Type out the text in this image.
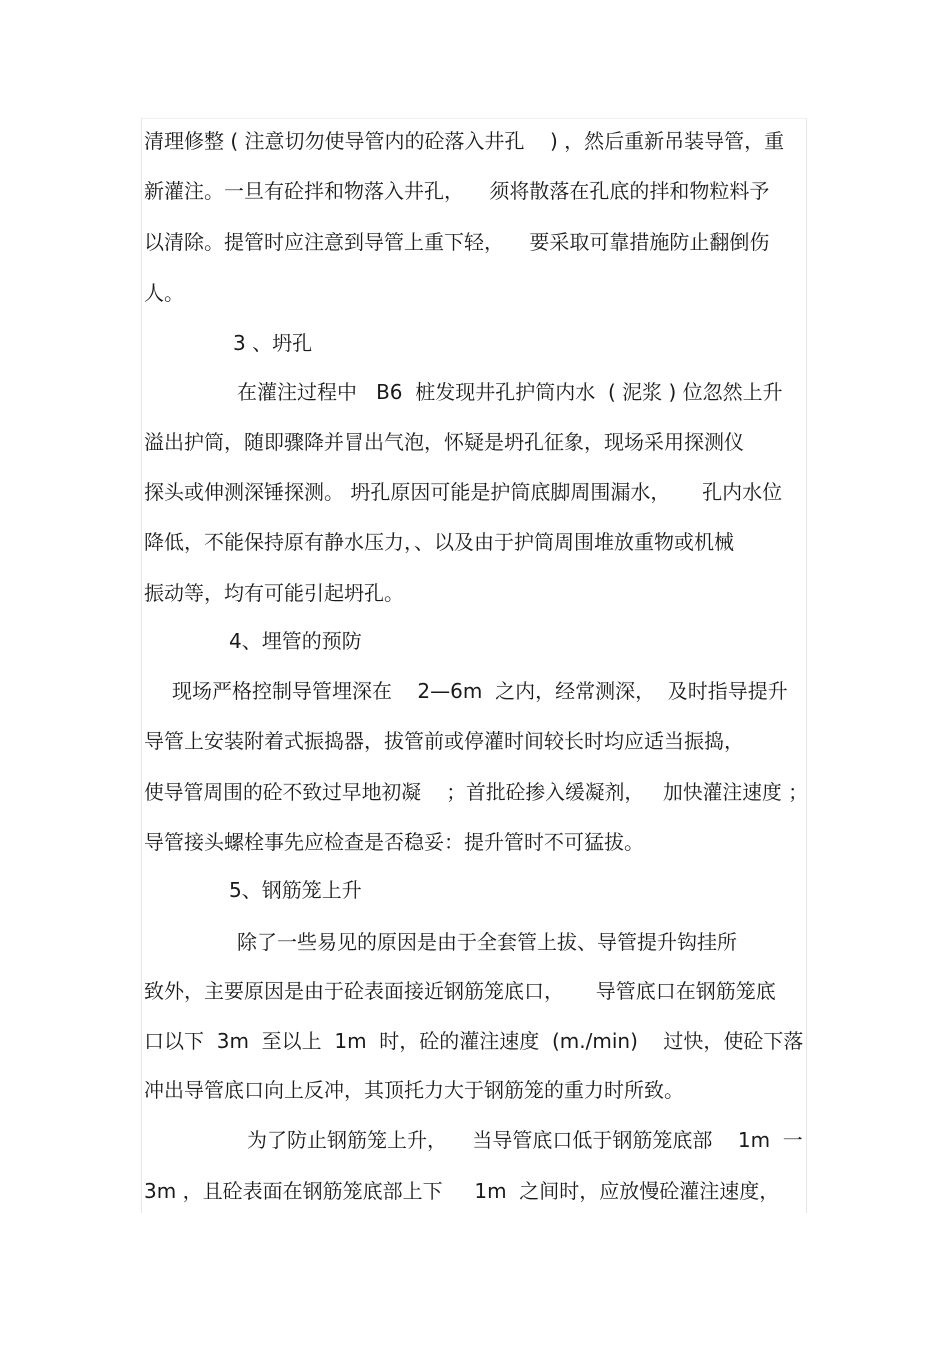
清理修整 ( 注意切勿使导管内的砼落入井孔    ) ，然后重新吊装导管，重
新灌注。一旦有砼拌和物落入井孔，    须将散落在孔底的拌和物粒料予
以清除。提管时应注意到导管上重下轻，    要采取可靠措施防止翻倒伤
人。
3 、坍孔
在灌注过程中   B6  桩发现井孔护筒内水  ( 泥浆 ) 位忽然上升
溢出护筒，随即骤降并冒出气泡，怀疑是坍孔征象，现场采用探测仪
探头或伸测深锤探测。 坍孔原因可能是护筒底脚周围漏水，     孔内水位
降低，不能保持原有静水压力，、以及由于护筒周围堆放重物或机械
振动等，均有可能引起坍孔。
4、埋管的预防
现场严格控制导管埋深在    2—6m  之内，经常测深，  及时指导提升
导管上安装附着式振捣器，拔管前或停灌时间较长时均应适当振捣，
使导管周围的砼不致过早地初凝    ；首批砼掺入缓凝剂，   加快灌注速度 ；
导管接头螺栓事先应检查是否稳妥：提升管时不可猛拔。
5、钢筋笼上升
除了一些易见的原因是由于全套管上拔、导管提升钩挂所
致外，主要原因是由于砼表面接近钢筋笼底口，     导管底口在钢筋笼底
口以下  3m  至以上  1m  时，砼的灌注速度  (m./min)    过快，使砼下落
冲出导管底口向上反冲，其顶托力大于钢筋笼的重力时所致。
为了防止钢筋笼上升，    当导管底口低于钢筋笼底部    1m  一
3m ，且砼表面在钢筋笼底部上下     1m  之间时，应放慢砼灌注速度，
